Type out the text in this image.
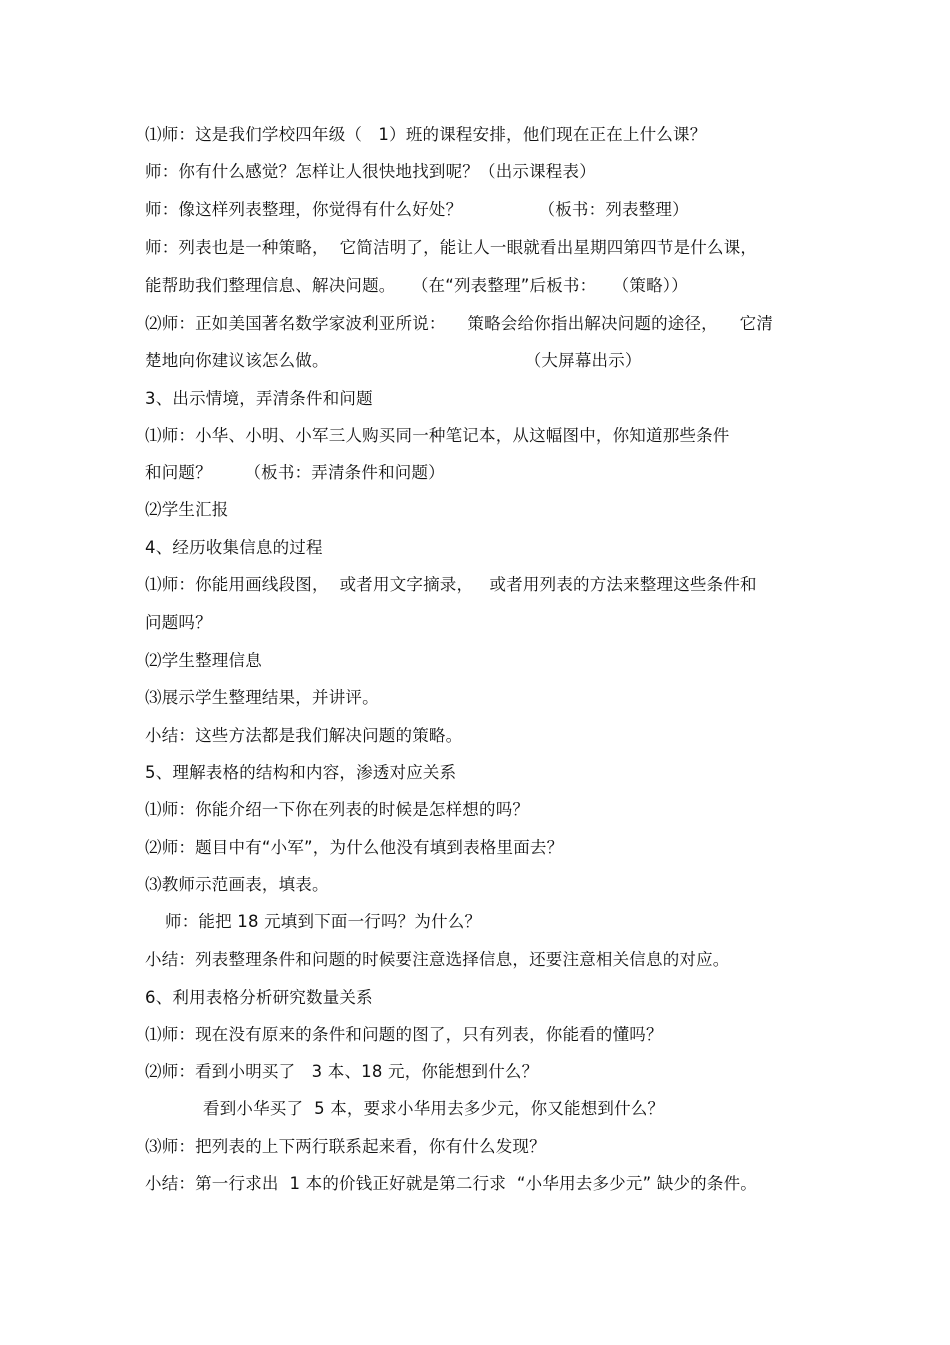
⑴师：这是我们学校四年级（   1）班的课程安排，他们现在正在上什么课？
师：你有什么感觉？怎样让人很快地找到呢？（出示课程表）
师：像这样列表整理，你觉得有什么好处？              （板书：列表整理）
师：列表也是一种策略，  它简洁明了，能让人一眼就看出星期四第四节是什么课，
能帮助我们整理信息、解决问题。   （在“列表整理”后板书：   （策略））
⑵师：正如美国著名数学家波利亚所说：    策略会给你指出解决问题的途径，    它清
楚地向你建议该怎么做。                                    （大屏幕出示）
3、出示情境，弄清条件和问题
⑴师：小华、小明、小军三人购买同一种笔记本，从这幅图中，你知道那些条件
和问题？      （板书：弄清条件和问题）
⑵学生汇报
4、经历收集信息的过程
⑴师：你能用画线段图，  或者用文字摘录，   或者用列表的方法来整理这些条件和
问题吗？
⑵学生整理信息
⑶展示学生整理结果，并讲评。
小结：这些方法都是我们解决问题的策略。
5、理解表格的结构和内容，渗透对应关系
⑴师：你能介绍一下你在列表的时候是怎样想的吗？
⑵师：题目中有“小军”，为什么他没有填到表格里面去？
⑶教师示范画表，填表。
师：能把 18 元填到下面一行吗？为什么？
小结：列表整理条件和问题的时候要注意选择信息，还要注意相关信息的对应。
6、利用表格分析研究数量关系
⑴师：现在没有原来的条件和问题的图了，只有列表，你能看的懂吗？
⑵师：看到小明买了   3 本、18 元，你能想到什么？
看到小华买了  5 本，要求小华用去多少元，你又能想到什么？
⑶师：把列表的上下两行联系起来看，你有什么发现？
小结：第一行求出  1 本的价钱正好就是第二行求  “小华用去多少元” 缺少的条件。
